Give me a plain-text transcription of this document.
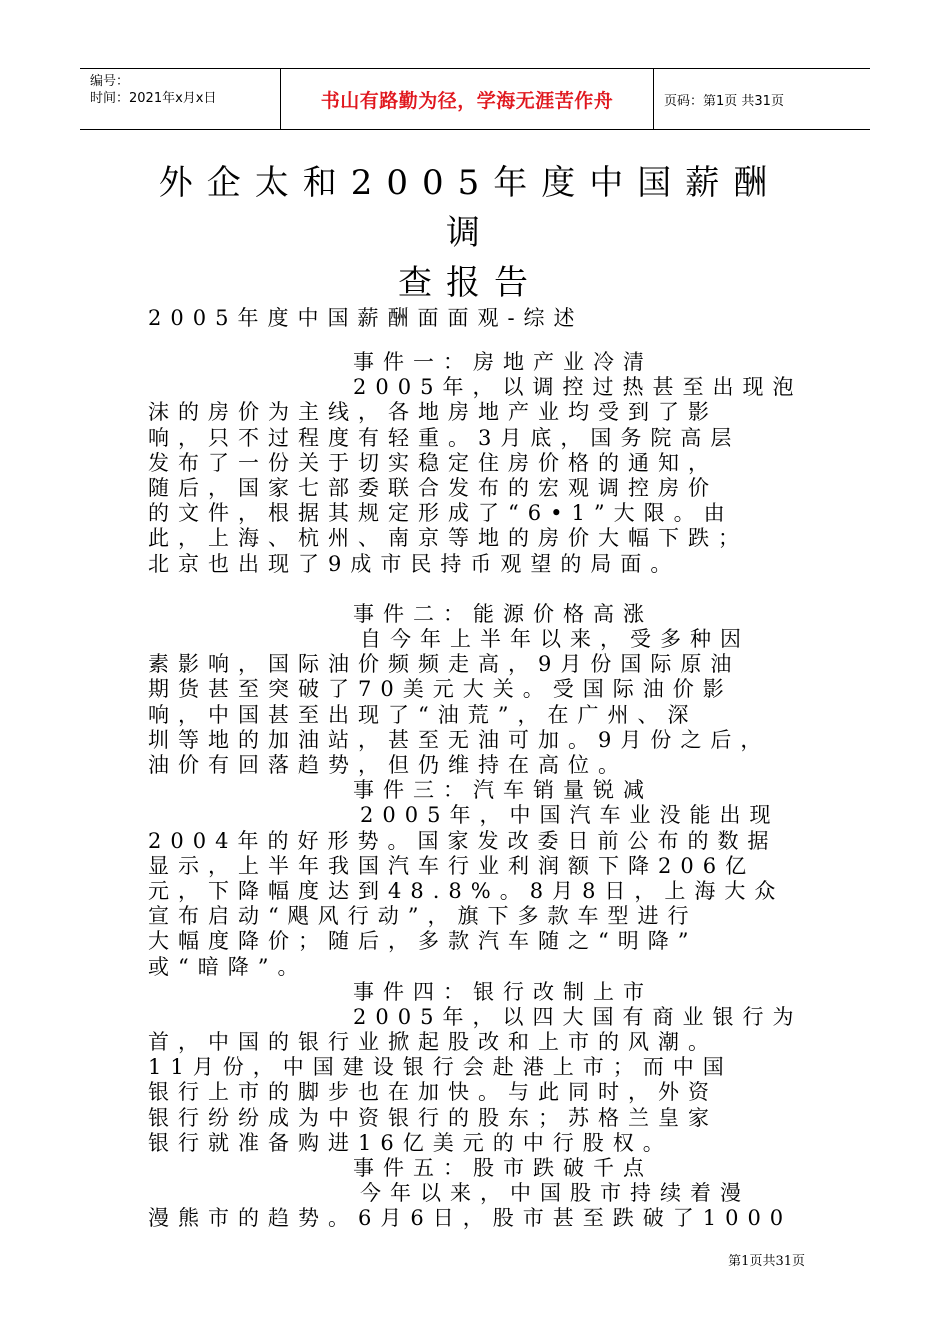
编号：
时间：2021年x月x日	书山有路勤为径，学海无涯苦作舟	页码：第1页 共31页
外企太和2005年度中国薪酬调
查报告
2005年度中国薪酬面面观-综述
事件一：房地产业冷清
2005年，以调控过热甚至出现泡
沫的房价为主线，各地房地产业均受到了影
响，只不过程度有轻重。3月底，国务院高层
发布了一份关于切实稳定住房价格的通知，
随后，国家七部委联合发布的宏观调控房价
的文件，根据其规定形成了“6•1”大限。由
此，上海、杭州、南京等地的房价大幅下跌；
北京也出现了9成市民持币观望的局面。
事件二：能源价格高涨
自今年上半年以来，受多种因
素影响，国际油价频频走高，9月份国际原油
期货甚至突破了70美元大关。受国际油价影
响，中国甚至出现了“油荒”，在广州、深
圳等地的加油站，甚至无油可加。9月份之后，
油价有回落趋势，但仍维持在高位。
事件三：汽车销量锐减
2005年，中国汽车业没能出现
2004年的好形势。国家发改委日前公布的数据
显示，上半年我国汽车行业利润额下降206亿
元，下降幅度达到48.8%。8月8日，上海大众
宣布启动“飓风行动”，旗下多款车型进行
大幅度降价；随后，多款汽车随之“明降”
或“暗降”。
事件四：银行改制上市
2005年，以四大国有商业银行为
首，中国的银行业掀起股改和上市的风潮。
11月份，中国建设银行会赴港上市；而中国
银行上市的脚步也在加快。与此同时，外资
银行纷纷成为中资银行的股东；苏格兰皇家
银行就准备购进16亿美元的中行股权。
事件五：股市跌破千点
今年以来，中国股市持续着漫
漫熊市的趋势。6月6日，股市甚至跌破了1000
第1页共31页
